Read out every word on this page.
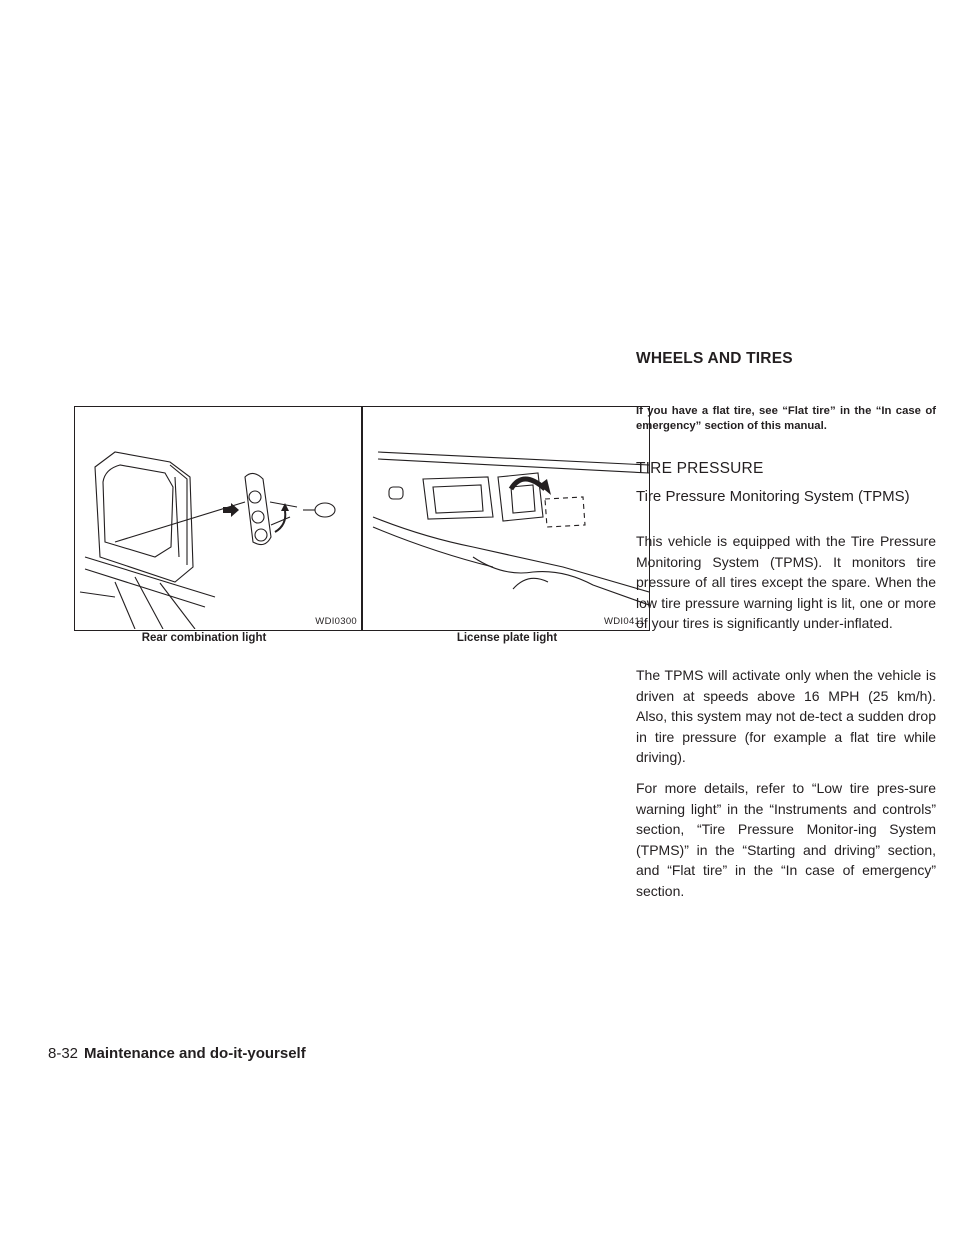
WHEELS AND TIRES
WDI0300
Rear combination light
WDI0411
License plate light
If you have a flat tire, see “Flat tire” in the “In case of emergency” section of this manual.
TIRE PRESSURE
Tire Pressure Monitoring System (TPMS)
This vehicle is equipped with the Tire Pressure Monitoring System (TPMS). It monitors tire pressure of all tires except the spare. When the low tire pressure warning light is lit, one or more of your tires is significantly under-inflated.
The TPMS will activate only when the vehicle is driven at speeds above 16 MPH (25 km/h). Also, this system may not de-tect a sudden drop in tire pressure (for example a flat tire while driving).
For more details, refer to “Low tire pres-sure warning light” in the “Instruments and controls” section, “Tire Pressure Monitor-ing System (TPMS)” in the “Starting and driving” section, and “Flat tire” in the “In case of emergency” section.
8-32 Maintenance and do-it-yourself
